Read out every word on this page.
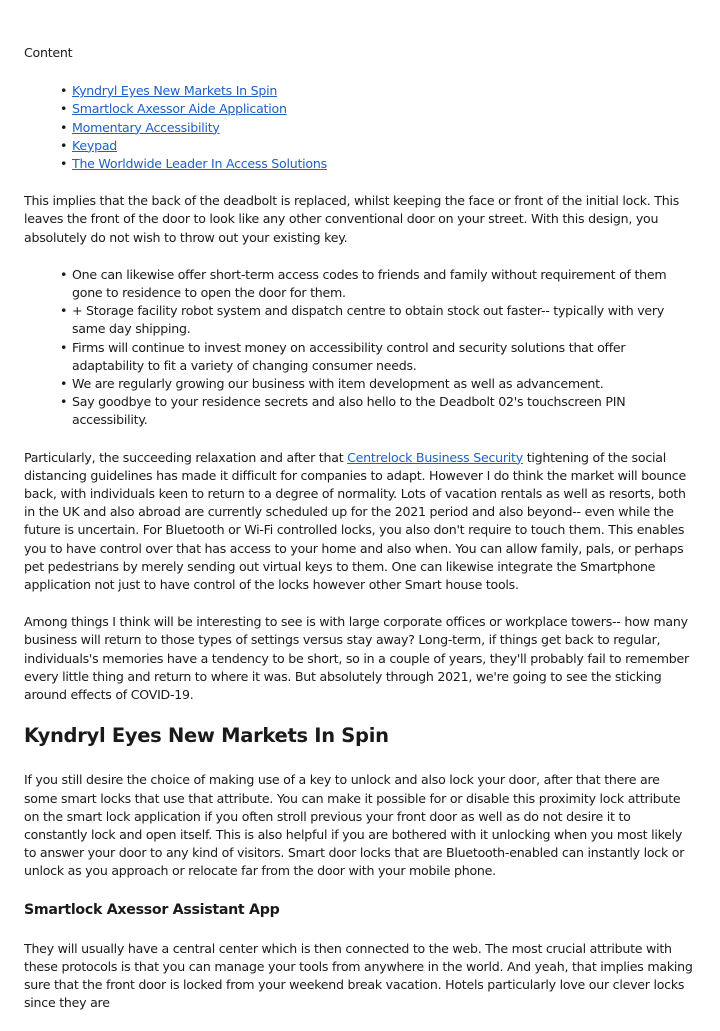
Content

• Kyndryl Eyes New Markets In Spin
• Smartlock Axessor Aide Application
• Momentary Accessibility
• Keypad
• The Worldwide Leader In Access Solutions

This implies that the back of the deadbolt is replaced, whilst keeping the face or front of the initial lock. This leaves the front of the door to look like any other conventional door on your street. With this design, you absolutely do not wish to throw out your existing key.

• One can likewise offer short-term access codes to friends and family without requirement of them gone to residence to open the door for them.
• + Storage facility robot system and dispatch centre to obtain stock out faster-- typically with very same day shipping.
• Firms will continue to invest money on accessibility control and security solutions that offer adaptability to fit a variety of changing consumer needs.
• We are regularly growing our business with item development as well as advancement.
• Say goodbye to your residence secrets and also hello to the Deadbolt 02's touchscreen PIN accessibility.

Particularly, the succeeding relaxation and after that Centrelock Business Security tightening of the social distancing guidelines has made it difficult for companies to adapt. However I do think the market will bounce back, with individuals keen to return to a degree of normality. Lots of vacation rentals as well as resorts, both in the UK and also abroad are currently scheduled up for the 2021 period and also beyond-- even while the future is uncertain. For Bluetooth or Wi-Fi controlled locks, you also don't require to touch them. This enables you to have control over that has access to your home and also when. You can allow family, pals, or perhaps pet pedestrians by merely sending out virtual keys to them. One can likewise integrate the Smartphone application not just to have control of the locks however other Smart house tools.

Among things I think will be interesting to see is with large corporate offices or workplace towers-- how many business will return to those types of settings versus stay away? Long-term, if things get back to regular, individuals's memories have a tendency to be short, so in a couple of years, they'll probably fail to remember every little thing and return to where it was. But absolutely through 2021, we're going to see the sticking around effects of COVID-19.

Kyndryl Eyes New Markets In Spin

If you still desire the choice of making use of a key to unlock and also lock your door, after that there are some smart locks that use that attribute. You can make it possible for or disable this proximity lock attribute on the smart lock application if you often stroll previous your front door as well as do not desire it to constantly lock and open itself. This is also helpful if you are bothered with it unlocking when you most likely to answer your door to any kind of visitors. Smart door locks that are Bluetooth-enabled can instantly lock or unlock as you approach or relocate far from the door with your mobile phone.

Smartlock Axessor Assistant App

They will usually have a central center which is then connected to the web. The most crucial attribute with these protocols is that you can manage your tools from anywhere in the world. And yeah, that implies making sure that the front door is locked from your weekend break vacation. Hotels particularly love our clever locks since they are
